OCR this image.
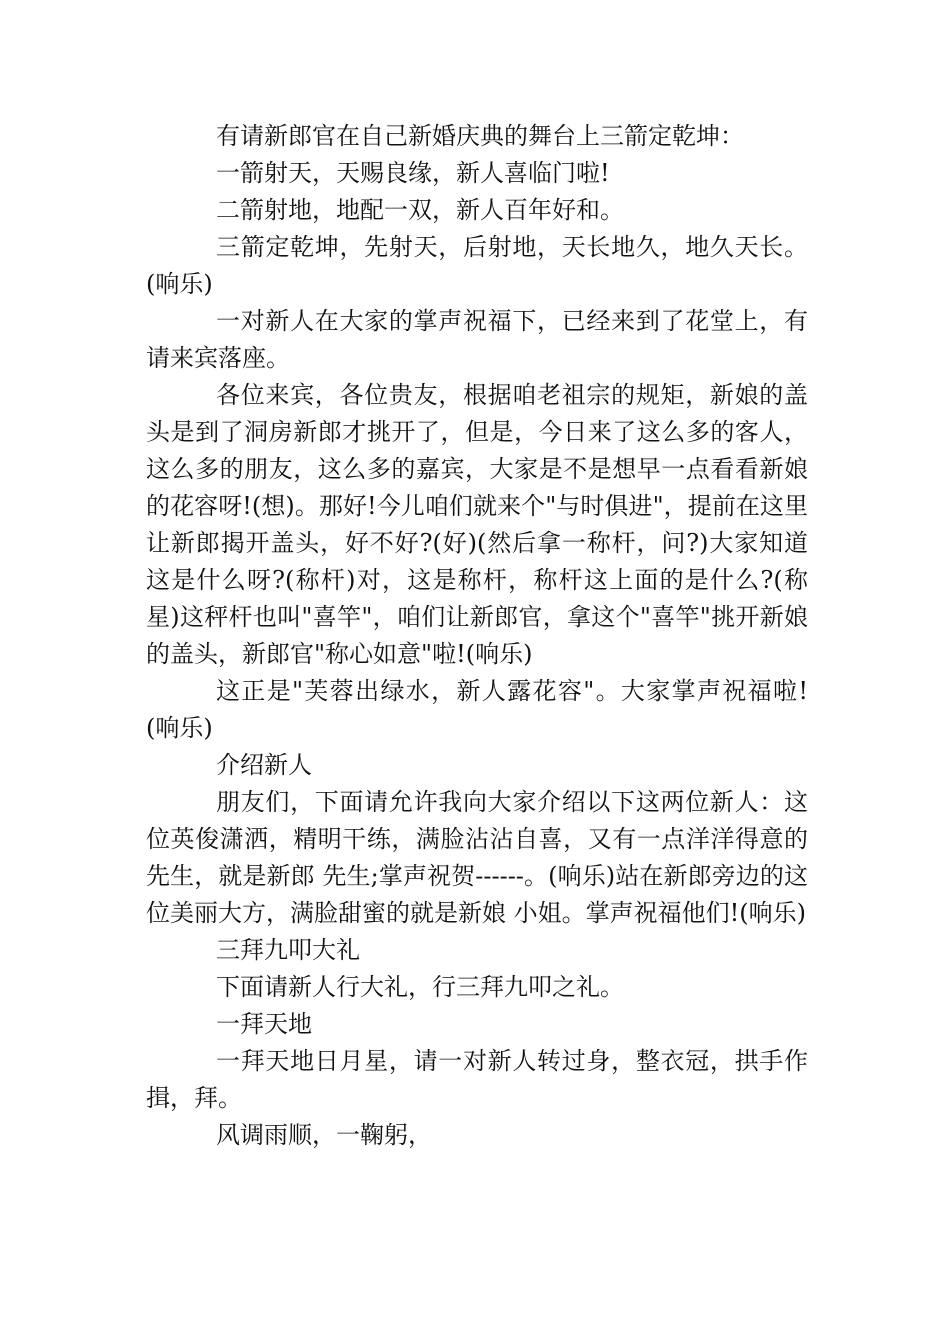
有请新郎官在自己新婚庆典的舞台上三箭定乾坤：

一箭射天，天赐良缘，新人喜临门啦!

二箭射地，地配一双，新人百年好和。

三箭定乾坤，先射天，后射地，天长地久，地久天长。(响乐)

一对新人在大家的掌声祝福下，已经来到了花堂上，有请来宾落座。

各位来宾，各位贵友，根据咱老祖宗的规矩，新娘的盖头是到了洞房新郎才挑开了，但是，今日来了这么多的客人，这么多的朋友，这么多的嘉宾，大家是不是想早一点看看新娘的花容呀!(想)。那好!今儿咱们就来个"与时俱进"，提前在这里让新郎揭开盖头，好不好?(好)(然后拿一称杆，问?)大家知道这是什么呀?(称杆)对，这是称杆，称杆这上面的是什么?(称星)这秤杆也叫"喜竿"，咱们让新郎官，拿这个"喜竿"挑开新娘的盖头，新郎官"称心如意"啦!(响乐)

这正是"芙蓉出绿水，新人露花容"。大家掌声祝福啦!(响乐)

介绍新人

朋友们，下面请允许我向大家介绍以下这两位新人：这位英俊潇洒，精明干练，满脸沾沾自喜，又有一点洋洋得意的先生，就是新郎 先生;掌声祝贺------。(响乐)站在新郎旁边的这位美丽大方，满脸甜蜜的就是新娘 小姐。掌声祝福他们!(响乐)

三拜九叩大礼

下面请新人行大礼，行三拜九叩之礼。

一拜天地

一拜天地日月星，请一对新人转过身，整衣冠，拱手作揖，拜。

风调雨顺，一鞠躬，
